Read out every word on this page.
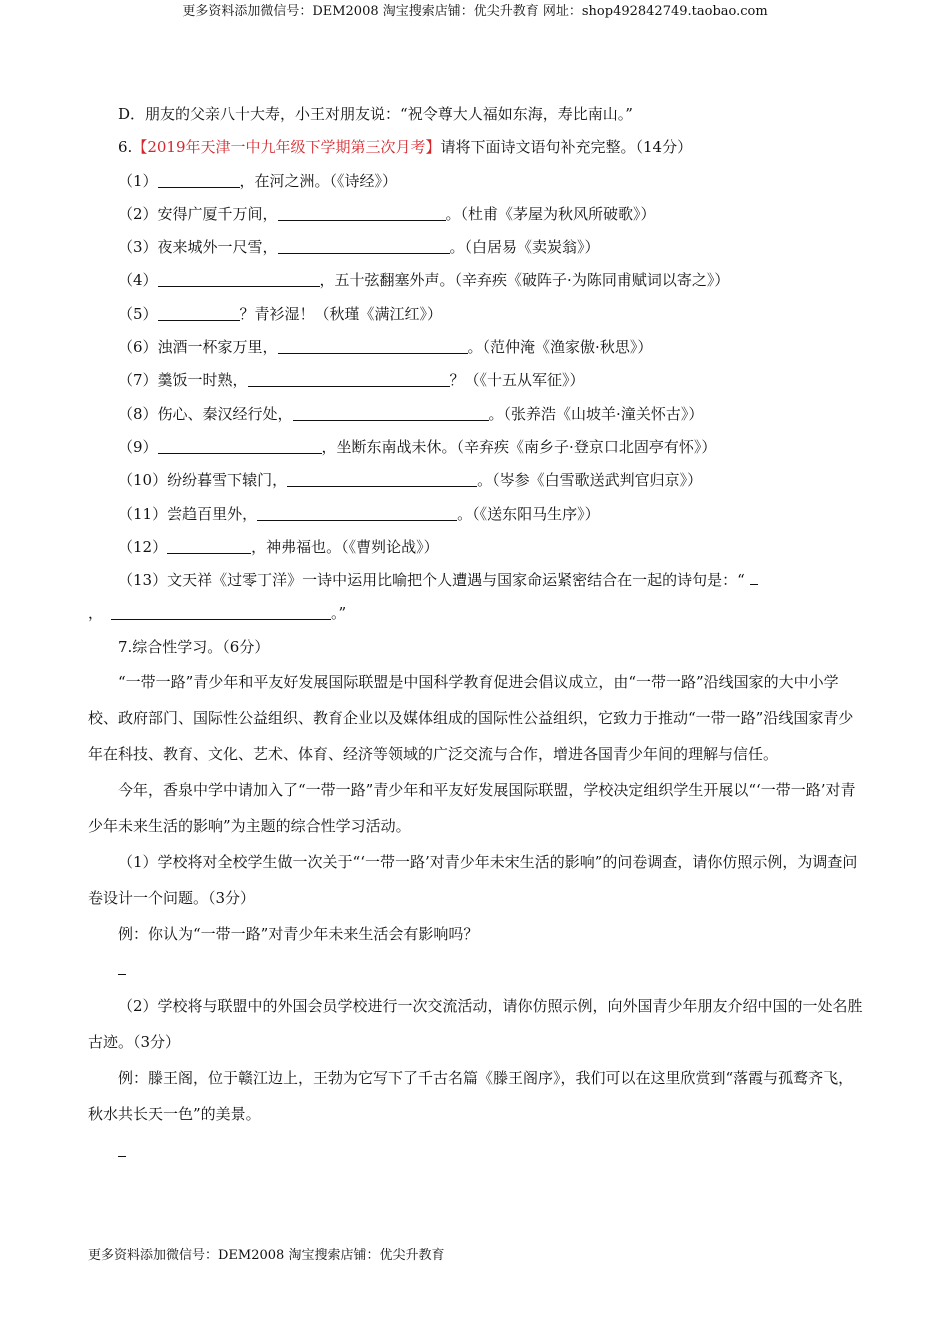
更多资料添加微信号：DEM2008 淘宝搜索店铺：优尖升教育 网址：shop492842749.taobao.com
D．朋友的父亲八十大寿，小王对朋友说：“祝令尊大人福如东海，寿比南山。”
6.【2019年天津一中九年级下学期第三次月考】请将下面诗文语句补充完整。（14分）
（1）	，在河之洲。（《诗经》）
（2）安得广厦千万间，	。（杜甫《茅屋为秋风所破歌》）
（3）夜来城外一尺雪，	。（白居易《卖炭翁》）
（4）	，五十弦翻塞外声。（辛弃疾《破阵子·为陈同甫赋词以寄之》）
（5）	？青衫湿！（秋瑾《满江红》）
（6）浊酒一杯家万里，	。（范仲淹《渔家傲·秋思》）
（7）羹饭一时熟，	？（《十五从军征》）
（8）伤心、秦汉经行处，	。（张养浩《山坡羊·潼关怀古》）
（9）	，坐断东南战未休。（辛弃疾《南乡子·登京口北固亭有怀》）
（10）纷纷暮雪下辕门，	。（岑参《白雪歌送武判官归京》）
（11）尝趋百里外，	。（《送东阳马生序》）
（12）	，神弗福也。（《曹刿论战》）
（13）文天祥《过零丁洋》一诗中运用比喻把个人遭遇与国家命运紧密结合在一起的诗句是：“
，	。”
7.综合性学习。（6分）
“一带一路”青少年和平友好发展国际联盟是中国科学教育促进会倡议成立，由“一带一路”沿线国家的大中小学校、政府部门、国际性公益组织、教育企业以及媒体组成的国际性公益组织，它致力于推动“一带一路”沿线国家青少年在科技、教育、文化、艺术、体育、经济等领域的广泛交流与合作，增进各国青少年间的理解与信任。
今年，香泉中学中请加入了“一带一路”青少年和平友好发展国际联盟，学校决定组织学生开展以“‘一带一路’对青少年未来生活的影响”为主题的综合性学习活动。
（1）学校将对全校学生做一次关于“‘一带一路’对青少年未宋生活的影响”的问卷调查，请你仿照示例，为调查问卷设计一个问题。（3分）
例：你认为“一带一路”对青少年未来生活会有影响吗？
（2）学校将与联盟中的外国会员学校进行一次交流活动，请你仿照示例，向外国青少年朋友介绍中国的一处名胜古迹。（3分）
例：滕王阁，位于赣江边上，王勃为它写下了千古名篇《滕王阁序》，我们可以在这里欣赏到“落霞与孤鹜齐飞，秋水共长天一色”的美景。
更多资料添加微信号：DEM2008 淘宝搜索店铺：优尖升教育
